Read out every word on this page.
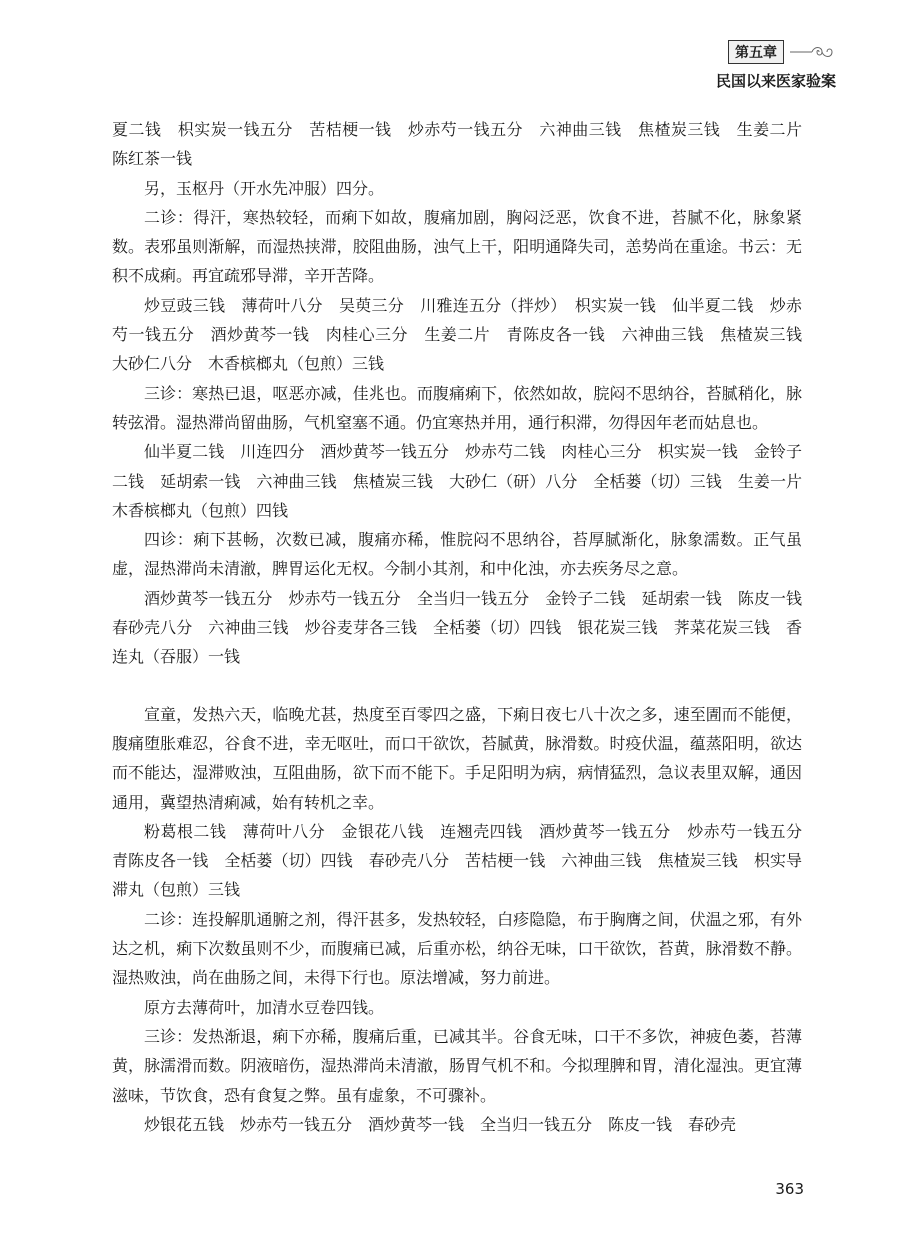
第五章
民国以来医家验案

夏二钱　枳实炭一钱五分　苦桔梗一钱　炒赤芍一钱五分　六神曲三钱　焦楂炭三钱　生姜二片　陈红茶一钱

另，玉枢丹（开水先冲服）四分。

二诊：得汗，寒热较轻，而痢下如故，腹痛加剧，胸闷泛恶，饮食不进，苔腻不化，脉象紧数。表邪虽则渐解，而湿热挟滞，胶阻曲肠，浊气上干，阳明通降失司，恙势尚在重途。书云：无积不成痢。再宜疏邪导滞，辛开苦降。

炒豆豉三钱　薄荷叶八分　吴萸三分　川雅连五分（拌炒）　枳实炭一钱　仙半夏二钱　炒赤芍一钱五分　酒炒黄芩一钱　肉桂心三分　生姜二片　青陈皮各一钱　六神曲三钱　焦楂炭三钱　大砂仁八分　木香槟榔丸（包煎）三钱

三诊：寒热已退，呕恶亦减，佳兆也。而腹痛痢下，依然如故，脘闷不思纳谷，苔腻稍化，脉转弦滑。湿热滞尚留曲肠，气机窒塞不通。仍宜寒热并用，通行积滞，勿得因年老而姑息也。

仙半夏二钱　川连四分　酒炒黄芩一钱五分　炒赤芍二钱　肉桂心三分　枳实炭一钱　金铃子二钱　延胡索一钱　六神曲三钱　焦楂炭三钱　大砂仁（研）八分　全栝蒌（切）三钱　生姜一片　木香槟榔丸（包煎）四钱

四诊：痢下甚畅，次数已减，腹痛亦稀，惟脘闷不思纳谷，苔厚腻渐化，脉象濡数。正气虽虚，湿热滞尚未清澈，脾胃运化无权。今制小其剂，和中化浊，亦去疾务尽之意。

酒炒黄芩一钱五分　炒赤芍一钱五分　全当归一钱五分　金铃子二钱　延胡索一钱　陈皮一钱　春砂壳八分　六神曲三钱　炒谷麦芽各三钱　全栝蒌（切）四钱　银花炭三钱　荠菜花炭三钱　香连丸（吞服）一钱

宣童，发热六天，临晚尤甚，热度至百零四之盛，下痢日夜七八十次之多，速至圊而不能便，腹痛堕胀难忍，谷食不进，幸无呕吐，而口干欲饮，苔腻黄，脉滑数。时疫伏温，蕴蒸阳明，欲达而不能达，湿滞败浊，互阻曲肠，欲下而不能下。手足阳明为病，病情猛烈，急议表里双解，通因通用，冀望热清痢减，始有转机之幸。

粉葛根二钱　薄荷叶八分　金银花八钱　连翘壳四钱　酒炒黄芩一钱五分　炒赤芍一钱五分　青陈皮各一钱　全栝蒌（切）四钱　春砂壳八分　苦桔梗一钱　六神曲三钱　焦楂炭三钱　枳实导滞丸（包煎）三钱

二诊：连投解肌通腑之剂，得汗甚多，发热较轻，白疹隐隐，布于胸膺之间，伏温之邪，有外达之机，痢下次数虽则不少，而腹痛已减，后重亦松，纳谷无味，口干欲饮，苔黄，脉滑数不静。湿热败浊，尚在曲肠之间，未得下行也。原法增减，努力前进。

原方去薄荷叶，加清水豆卷四钱。

三诊：发热渐退，痢下亦稀，腹痛后重，已减其半。谷食无味，口干不多饮，神疲色萎，苔薄黄，脉濡滑而数。阴液暗伤，湿热滞尚未清澈，肠胃气机不和。今拟理脾和胃，清化湿浊。更宜薄滋味，节饮食，恐有食复之弊。虽有虚象，不可骤补。

炒银花五钱　炒赤芍一钱五分　酒炒黄芩一钱　全当归一钱五分　陈皮一钱　春砂壳

363
